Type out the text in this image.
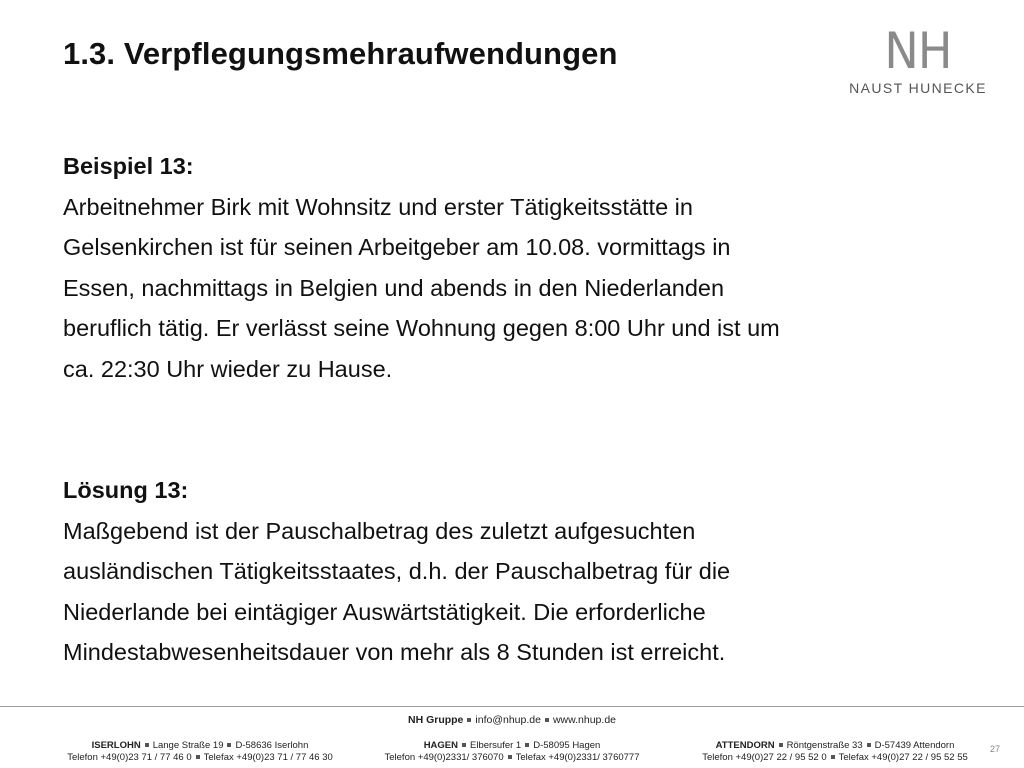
1.3. Verpflegungsmehraufwendungen	NH
NAUST HUNECKE
Beispiel 13:
Arbeitnehmer Birk mit Wohnsitz und erster Tätigkeitsstätte in
Gelsenkirchen ist für seinen Arbeitgeber am 10.08. vormittags in
Essen, nachmittags in Belgien und abends in den Niederlanden
beruflich tätig. Er verlässt seine Wohnung gegen 8:00 Uhr und ist um
ca. 22:30 Uhr wieder zu Hause.
Lösung 13:
Maßgebend ist der Pauschalbetrag des zuletzt aufgesuchten
ausländischen Tätigkeitsstaates, d.h. der Pauschalbetrag für die
Niederlande bei eintägiger Auswärtstätigkeit. Die erforderliche
Mindestabwesenheitsdauer von mehr als 8 Stunden ist erreicht.
NH Gruppe info@nhup.de www.nhup.de
ISERLOHN Lange Straße 19 D-58636 Iserlohn
Telefon +49(0)23 71 / 77 46 0 Telefax +49(0)23 71 / 77 46 30
HAGEN Elbersufer 1 D-58095 Hagen
Telefon +49(0)2331/ 376070 Telefax +49(0)2331/ 3760777
ATTENDORN Röntgenstraße 33 D-57439 Attendorn
Telefon +49(0)27 22 / 95 52 0 Telefax +49(0)27 22 / 95 52 55
27
